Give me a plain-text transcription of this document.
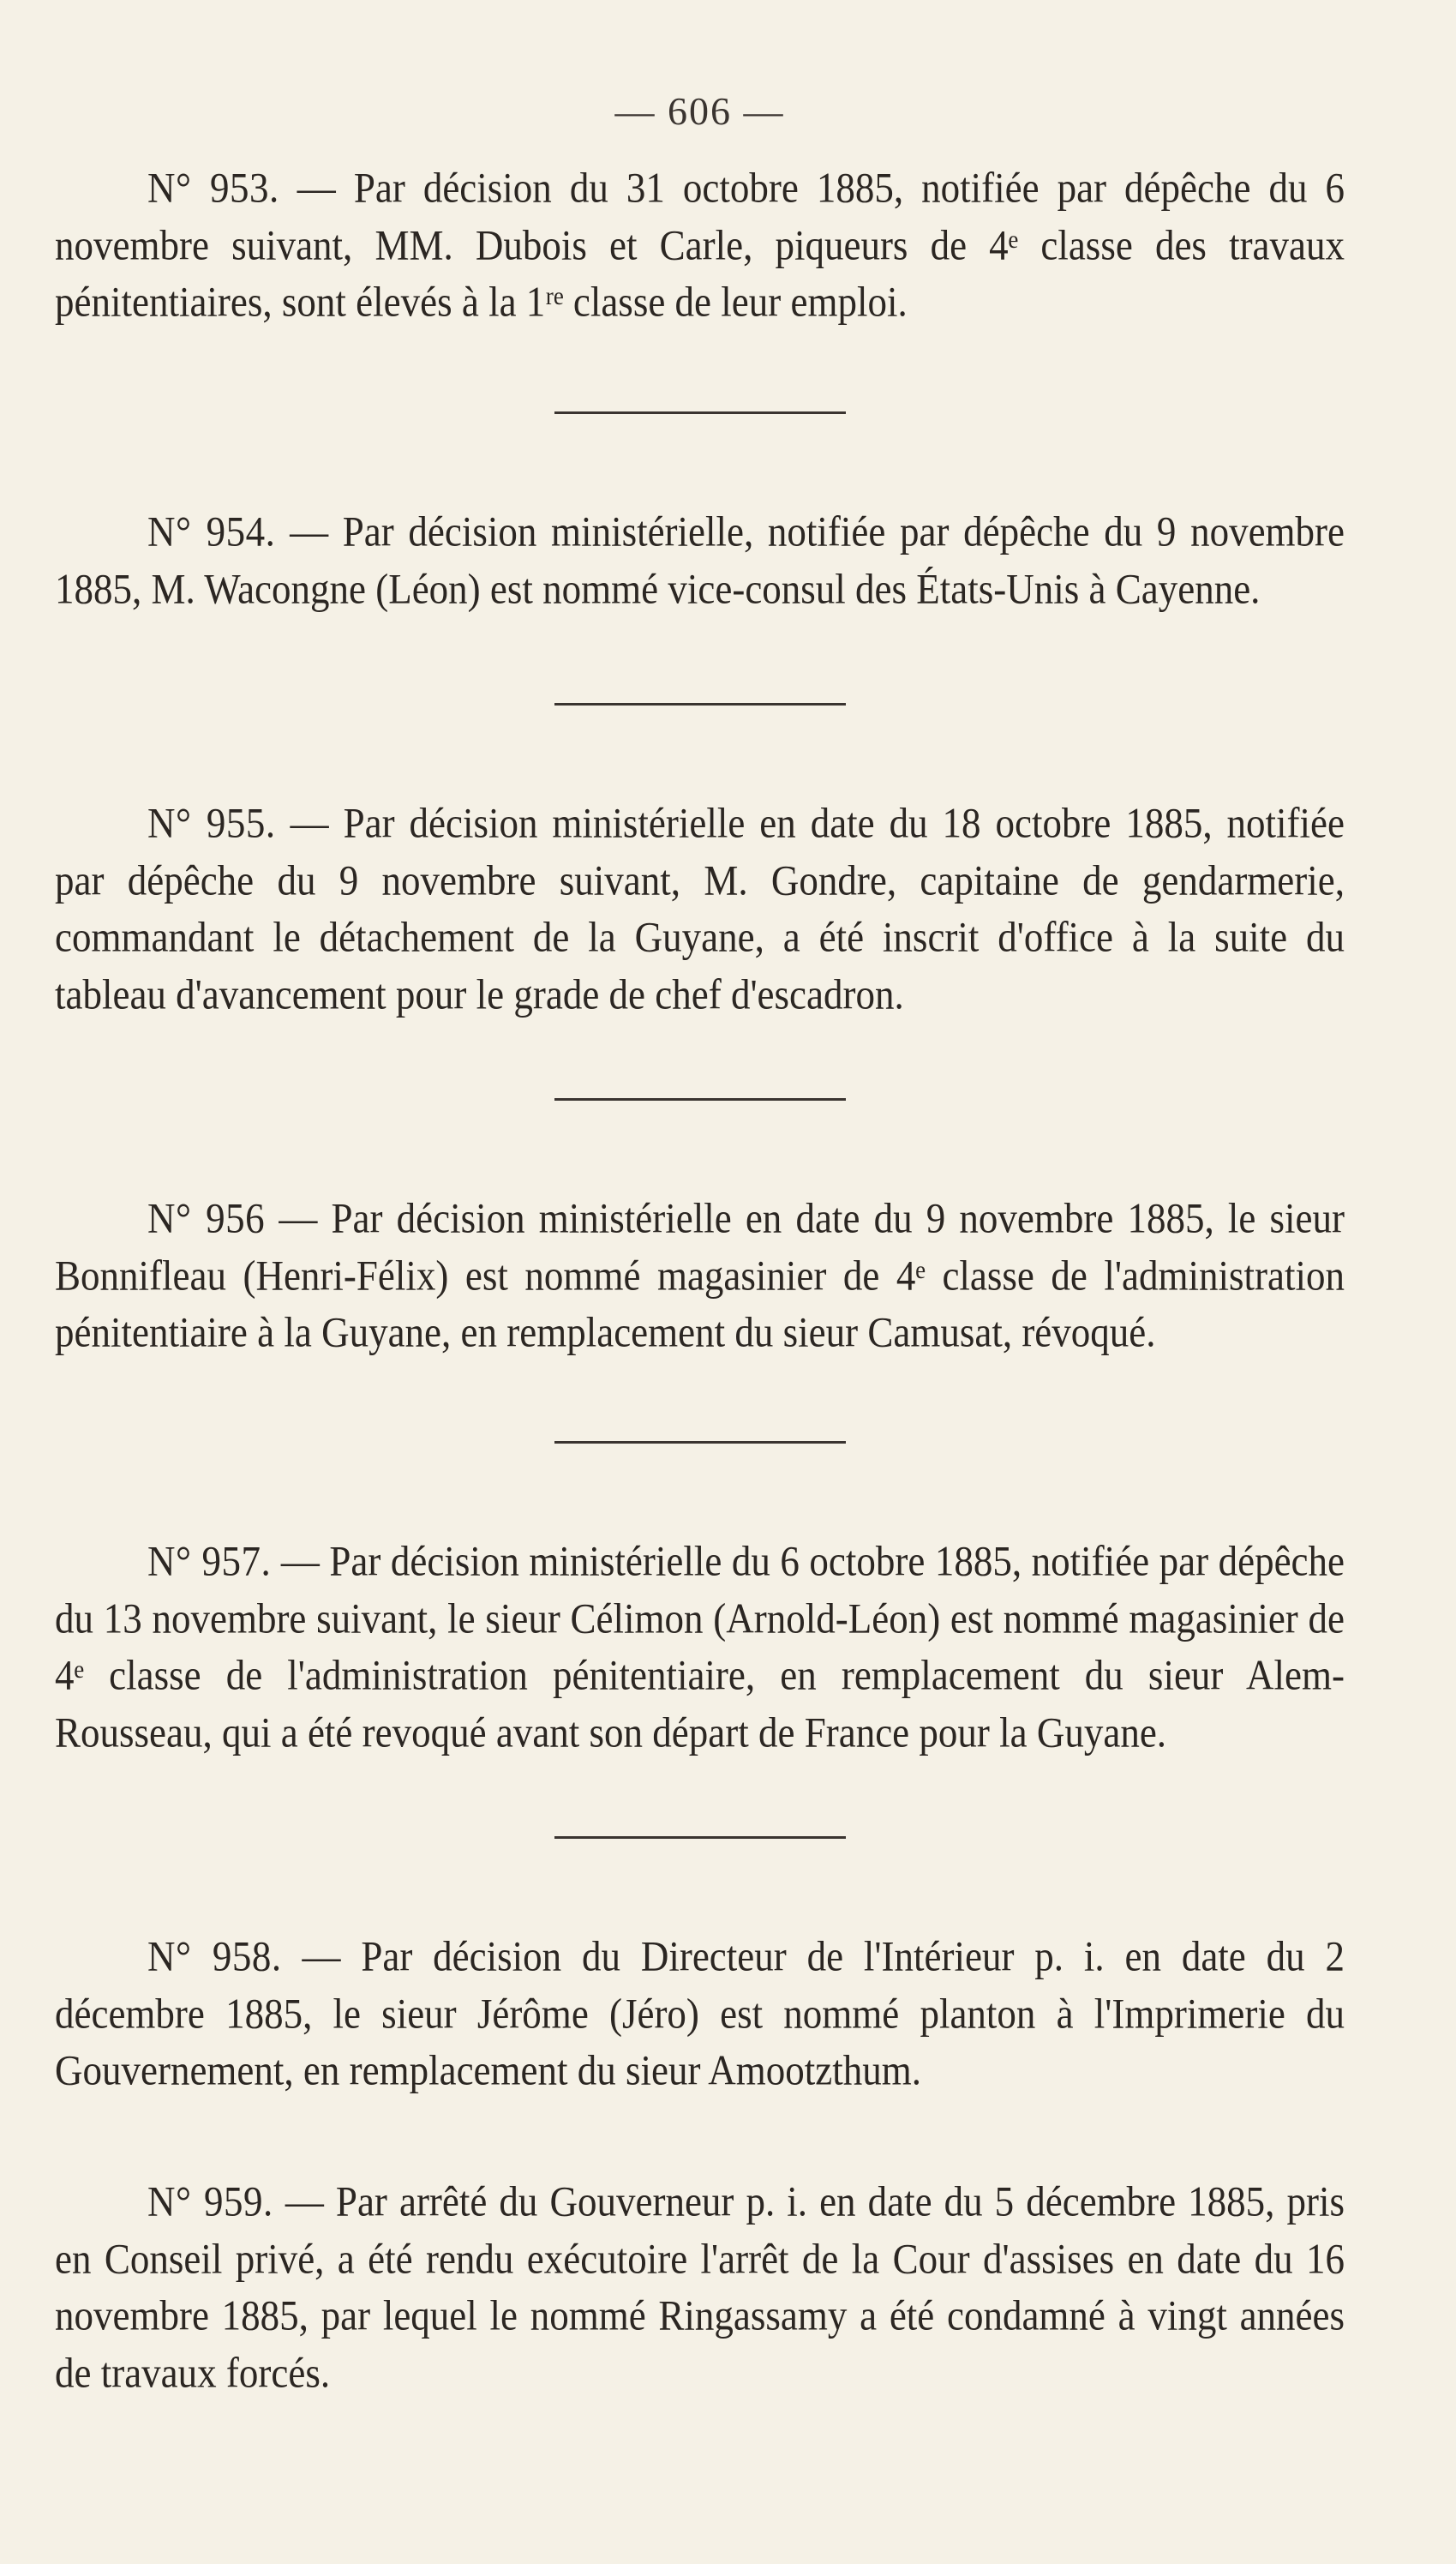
— 606 —

N° 953. — Par décision du 31 octobre 1885, notifiée par dépêche du 6 novembre suivant, MM. Dubois et Carle, piqueurs de 4ᵉ classe des travaux pénitentiaires, sont élevés à la 1ʳᵉ classe de leur emploi.

N° 954. — Par décision ministérielle, notifiée par dépêche du 9 novembre 1885, M. Wacongne (Léon) est nommé vice-consul des États-Unis à Cayenne.

N° 955. — Par décision ministérielle en date du 18 octobre 1885, notifiée par dépêche du 9 novembre suivant, M. Gondre, capitaine de gendarmerie, commandant le détachement de la Guyane, a été inscrit d'office à la suite du tableau d'avancement pour le grade de chef d'escadron.

N° 956 — Par décision ministérielle en date du 9 novembre 1885, le sieur Bonnifleau (Henri-Félix) est nommé magasinier de 4ᵉ classe de l'administration pénitentiaire à la Guyane, en remplacement du sieur Camusat, révoqué.

N° 957. — Par décision ministérielle du 6 octobre 1885, notifiée par dépêche du 13 novembre suivant, le sieur Célimon (Arnold-Léon) est nommé magasinier de 4ᵉ classe de l'administration pénitentiaire, en remplacement du sieur Alem-Rousseau, qui a été revoqué avant son départ de France pour la Guyane.

N° 958. — Par décision du Directeur de l'Intérieur p. i. en date du 2 décembre 1885, le sieur Jérôme (Jéro) est nommé planton à l'Imprimerie du Gouvernement, en remplacement du sieur Amootzthum.

N° 959. — Par arrêté du Gouverneur p. i. en date du 5 décembre 1885, pris en Conseil privé, a été rendu exécutoire l'arrêt de la Cour d'assises en date du 16 novembre 1885, par lequel le nommé Ringassamy a été condamné à vingt années de travaux forcés.
